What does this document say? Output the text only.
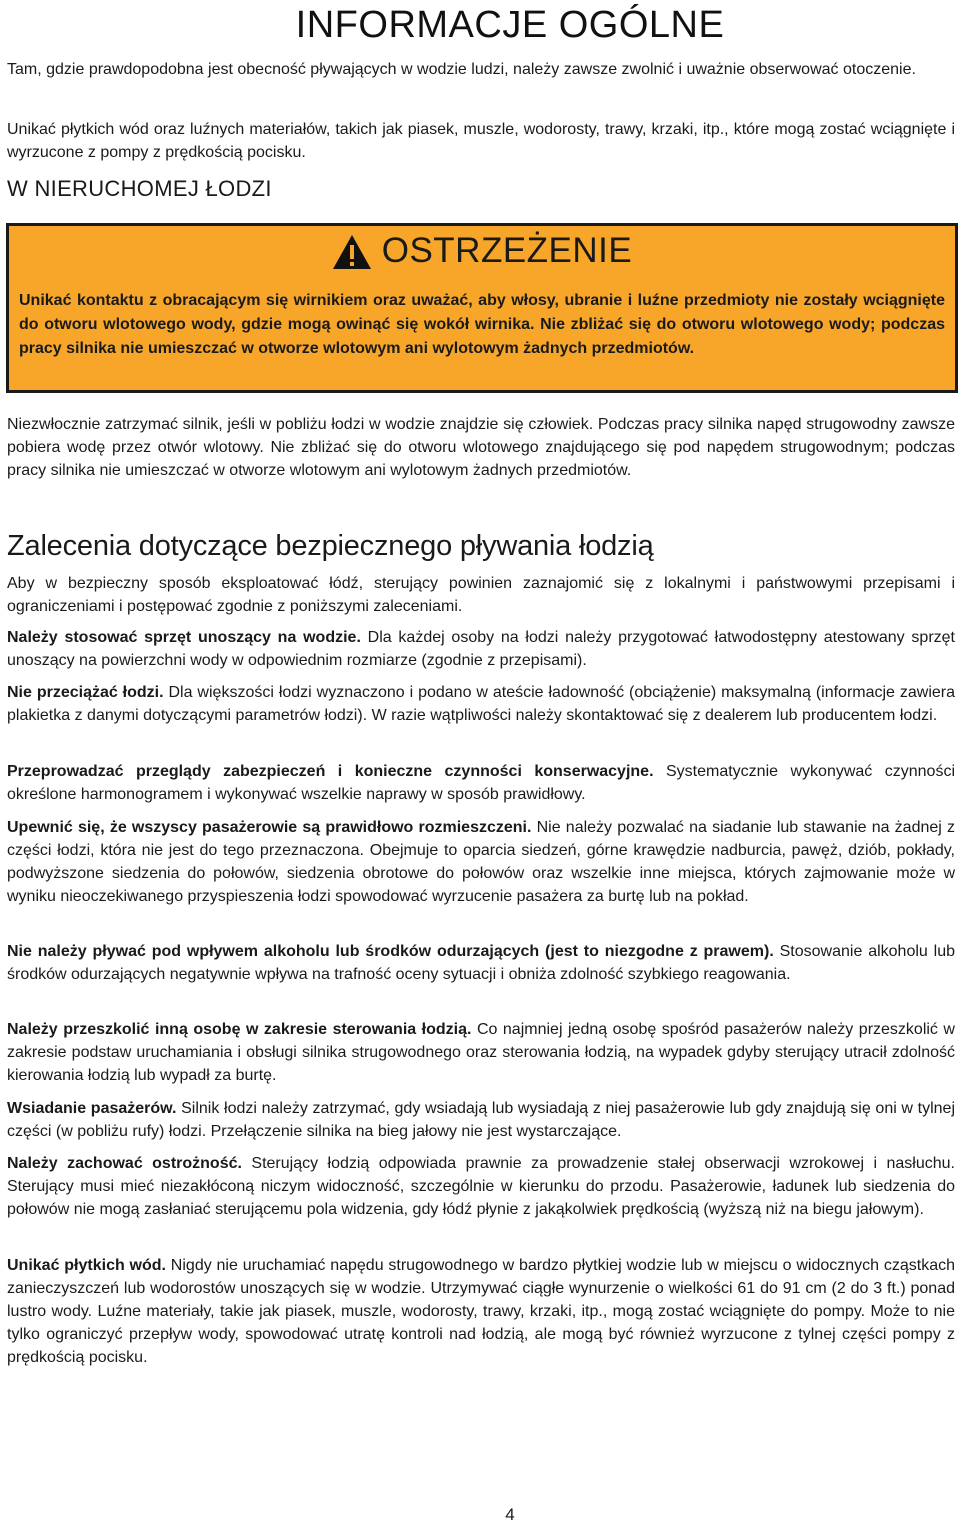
INFORMACJE OGÓLNE

Tam, gdzie prawdopodobna jest obecność pływających w wodzie ludzi, należy zawsze zwolnić i uważnie obserwować otoczenie.

Unikać płytkich wód oraz luźnych materiałów, takich jak piasek, muszle, wodorosty, trawy, krzaki, itp., które mogą zostać wciągnięte i wyrzucone z pompy z prędkością pocisku.

W NIERUCHOMEJ ŁODZI
OSTRZEŻENIE

Unikać kontaktu z obracającym się wirnikiem oraz uważać, aby włosy, ubranie i luźne przedmioty nie zostały wciągnięte do otworu wlotowego wody, gdzie mogą owinąć się wokół wirnika. Nie zbliżać się do otworu wlotowego wody; podczas pracy silnika nie umieszczać w otworze wlotowym ani wylotowym żadnych przedmiotów.

Niezwłocznie zatrzymać silnik, jeśli w pobliżu łodzi w wodzie znajdzie się człowiek. Podczas pracy silnika napęd strugowodny zawsze pobiera wodę przez otwór wlotowy. Nie zbliżać się do otworu wlotowego znajdującego się pod napędem strugowodnym; podczas pracy silnika nie umieszczać w otworze wlotowym ani wylotowym żadnych przedmiotów.

Zalecenia dotyczące bezpiecznego pływania łodzią

Aby w bezpieczny sposób eksploatować łódź, sterujący powinien zaznajomić się z lokalnymi i państwowymi przepisami i ograniczeniami i postępować zgodnie z poniższymi zaleceniami.

Należy stosować sprzęt unoszący na wodzie. Dla każdej osoby na łodzi należy przygotować łatwodostępny atestowany sprzęt unoszący na powierzchni wody w odpowiednim rozmiarze (zgodnie z przepisami).

Nie przeciążać łodzi. Dla większości łodzi wyznaczono i podano w ateście ładowność (obciążenie) maksymalną (informacje zawiera plakietka z danymi dotyczącymi parametrów łodzi). W razie wątpliwości należy skontaktować się z dealerem lub producentem łodzi.

Przeprowadzać przeglądy zabezpieczeń i konieczne czynności konserwacyjne. Systematycznie wykonywać czynności określone harmonogramem i wykonywać wszelkie naprawy w sposób prawidłowy.

Upewnić się, że wszyscy pasażerowie są prawidłowo rozmieszczeni. Nie należy pozwalać na siadanie lub stawanie na żadnej z części łodzi, która nie jest do tego przeznaczona. Obejmuje to oparcia siedzeń, górne krawędzie nadburcia, pawęż, dziób, pokłady, podwyższone siedzenia do połowów, siedzenia obrotowe do połowów oraz wszelkie inne miejsca, których zajmowanie może w wyniku nieoczekiwanego przyspieszenia łodzi spowodować wyrzucenie pasażera za burtę lub na pokład.

Nie należy pływać pod wpływem alkoholu lub środków odurzających (jest to niezgodne z prawem). Stosowanie alkoholu lub środków odurzających negatywnie wpływa na trafność oceny sytuacji i obniża zdolność szybkiego reagowania.

Należy przeszkolić inną osobę w zakresie sterowania łodzią. Co najmniej jedną osobę spośród pasażerów należy przeszkolić w zakresie podstaw uruchamiania i obsługi silnika strugowodnego oraz sterowania łodzią, na wypadek gdyby sterujący utracił zdolność kierowania łodzią lub wypadł za burtę.

Wsiadanie pasażerów. Silnik łodzi należy zatrzymać, gdy wsiadają lub wysiadają z niej pasażerowie lub gdy znajdują się oni w tylnej części (w pobliżu rufy) łodzi. Przełączenie silnika na bieg jałowy nie jest wystarczające.

Należy zachować ostrożność. Sterujący łodzią odpowiada prawnie za prowadzenie stałej obserwacji wzrokowej i nasłuchu. Sterujący musi mieć niezakłóconą niczym widoczność, szczególnie w kierunku do przodu. Pasażerowie, ładunek lub siedzenia do połowów nie mogą zasłaniać sterującemu pola widzenia, gdy łódź płynie z jakąkolwiek prędkością (wyższą niż na biegu jałowym).

Unikać płytkich wód. Nigdy nie uruchamiać napędu strugowodnego w bardzo płytkiej wodzie lub w miejscu o widocznych cząstkach zanieczyszczeń lub wodorostów unoszących się w wodzie. Utrzymywać ciągłe wynurzenie o wielkości 61 do 91 cm (2 do 3 ft.) ponad lustro wody. Luźne materiały, takie jak piasek, muszle, wodorosty, trawy, krzaki, itp., mogą zostać wciągnięte do pompy. Może to nie tylko ograniczyć przepływ wody, spowodować utratę kontroli nad łodzią, ale mogą być również wyrzucone z tylnej części pompy z prędkością pocisku.

4
